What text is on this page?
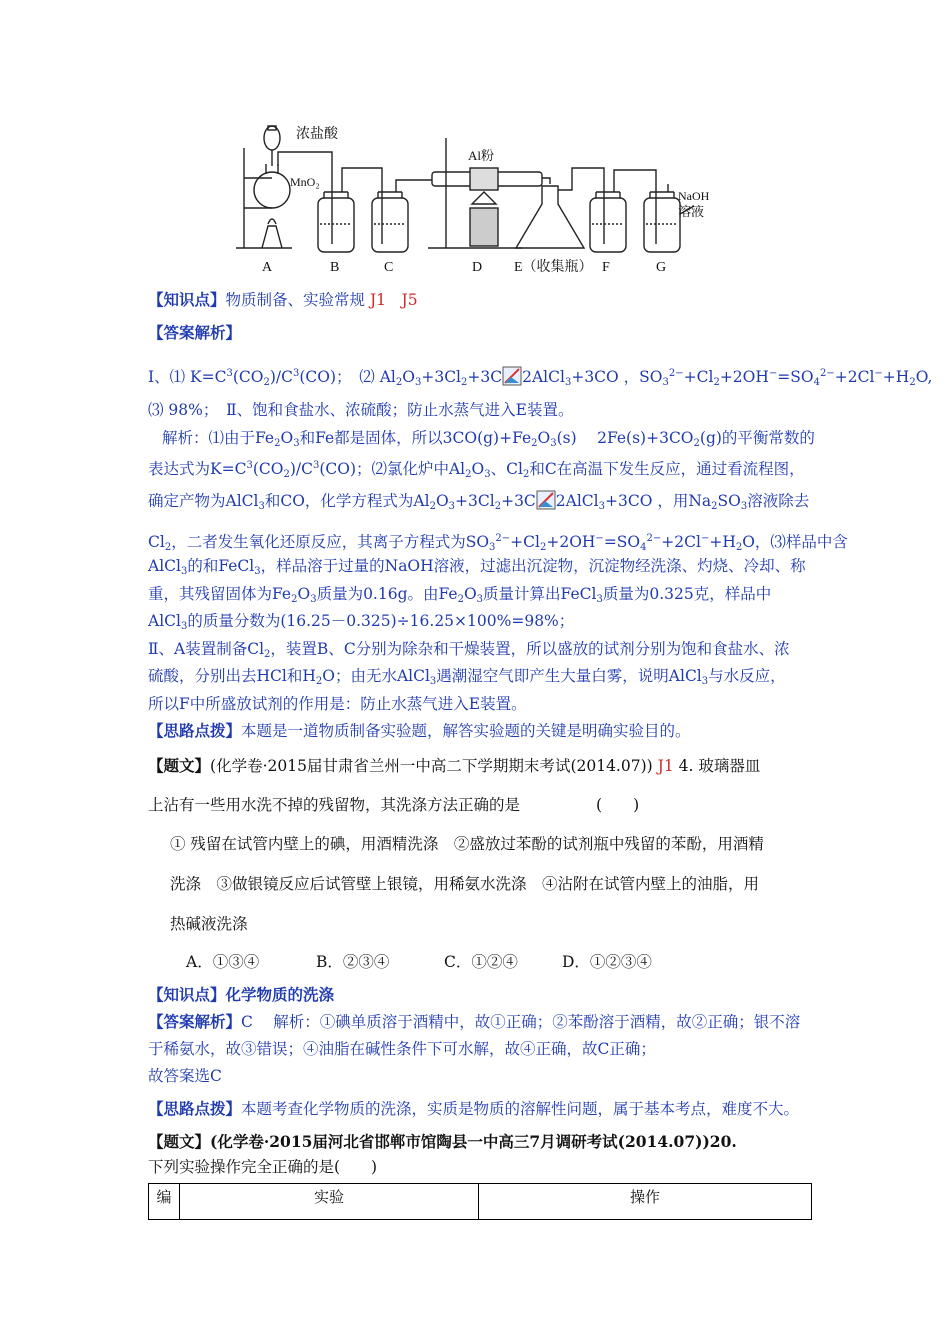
浓盐酸
MnO₂
Al粉
NaOH
溶液
A	B	C	D E（收集瓶） F	G
【知识点】物质制备、实验常规 J1　J5
【答案解析】
Ⅰ、⑴ $K=C^3(CO_2)/C^3(CO)$；　⑵ $Al_2O_3+3Cl_2+3C$ 2AlCl$_3$+3CO ，$SO_3^{2-}+Cl_2+2OH^-=SO_4^{2-}+2Cl^-+H_2O$,
⑶ 98%；　Ⅱ、饱和食盐水、浓硫酸；防止水蒸气进入E装置。
解析：⑴由于$Fe_2O_3$和Fe都是固体，所以$3CO(g)+Fe_2O_3(s)$　 $2Fe(s)+3CO_2(g)$的平衡常数的
表达式为$K=C^3(CO_2)/C^3(CO)$；⑵氯化炉中$Al_2O_3$、$Cl_2$和C在高温下发生反应，通过看流程图，
确定产物为AlCl$_3$和CO，化学方程式为$Al_2O_3+3Cl_2+3C$ 2AlCl$_3$+3CO ，用$Na_2SO_3$溶液除去
$Cl_2$，二者发生氧化还原反应，其离子方程式为$SO_3^{2-}+Cl_2+2OH^-=SO_4^{2-}+2Cl^-+H_2O$，⑶样品中含
AlCl$_3$的和FeCl$_3$，样品溶于过量的NaOH溶液，过滤出沉淀物，沉淀物经洗涤、灼烧、冷却、称
重，其残留固体为$Fe_2O_3$质量为0.16g。由$Fe_2O_3$质量计算出FeCl$_3$质量为0.325克，样品中
AlCl$_3$的质量分数为(16.25－0.325)÷16.25×100%=98%；
Ⅱ、A装置制备$Cl_2$，装置B、C分别为除杂和干燥装置，所以盛放的试剂分别为饱和食盐水、浓
硫酸，分别出去HCl和$H_2O$；由无水AlCl$_3$遇潮湿空气即产生大量白雾，说明AlCl$_3$与水反应，
所以F中所盛放试剂的作用是：防止水蒸气进入E装置。
【思路点拨】本题是一道物质制备实验题，解答实验题的关键是明确实验目的。
【题文】(化学卷·2015届甘肃省兰州一中高二下学期期末考试(2014.07)) J1 4. 玻璃器皿
上沾有一些用水洗不掉的残留物，其洗涤方法正确的是	(　　)
① 残留在试管内壁上的碘，用酒精洗涤　②盛放过苯酚的试剂瓶中残留的苯酚，用酒精
洗涤　③做银镜反应后试管壁上银镜，用稀氨水洗涤　④沾附在试管内壁上的油脂，用
热碱液洗涤
A．①③④	B．②③④	C．①②④	D．①②③④
【知识点】化学物质的洗涤
【答案解析】C　 解析：①碘单质溶于酒精中，故①正确；②苯酚溶于酒精，故②正确；银不溶
于稀氨水，故③错误；④油脂在碱性条件下可水解，故④正确，故C正确；
故答案选C
【思路点拨】本题考查化学物质的洗涤，实质是物质的溶解性问题，属于基本考点，难度不大。
【题文】(化学卷·2015届河北省邯郸市馆陶县一中高三7月调研考试(2014.07))20.
下列实验操作完全正确的是(　　)
编	实验	操作
